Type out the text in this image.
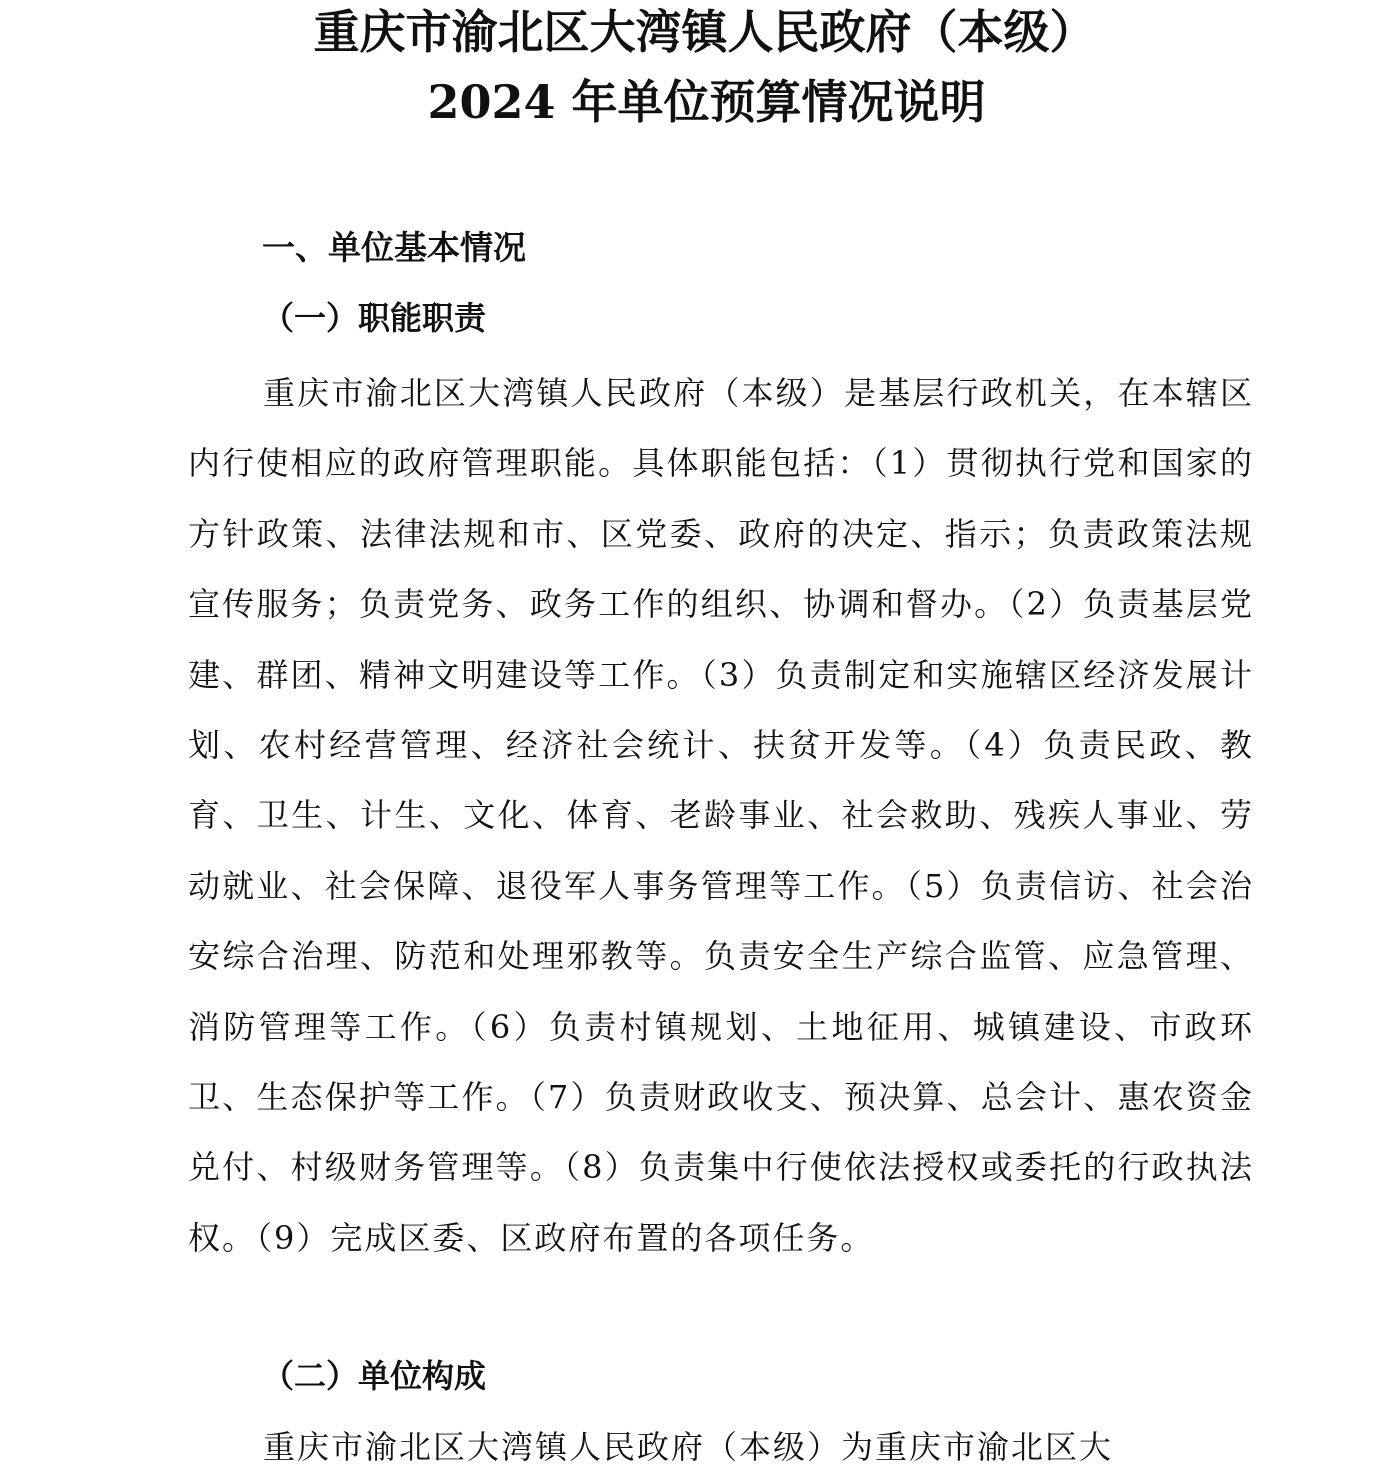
重庆市渝北区大湾镇人民政府（本级）
2024 年单位预算情况说明
一、单位基本情况
（一）职能职责

重庆市渝北区大湾镇人民政府（本级）是基层行政机关，在本辖区内行使相应的政府管理职能。具体职能包括：（1）贯彻执行党和国家的方针政策、法律法规和市、区党委、政府的决定、指示；负责政策法规宣传服务；负责党务、政务工作的组织、协调和督办。（2）负责基层党建、群团、精神文明建设等工作。（3）负责制定和实施辖区经济发展计划、农村经营管理、经济社会统计、扶贫开发等。（4）负责民政、教育、卫生、计生、文化、体育、老龄事业、社会救助、残疾人事业、劳动就业、社会保障、退役军人事务管理等工作。（5）负责信访、社会治安综合治理、防范和处理邪教等。负责安全生产综合监管、应急管理、消防管理等工作。（6）负责村镇规划、土地征用、城镇建设、市政环卫、生态保护等工作。（7）负责财政收支、预决算、总会计、惠农资金兑付、村级财务管理等。（8）负责集中行使依法授权或委托的行政执法权。（9）完成区委、区政府布置的各项任务。

（二）单位构成

重庆市渝北区大湾镇人民政府（本级）为重庆市渝北区大
